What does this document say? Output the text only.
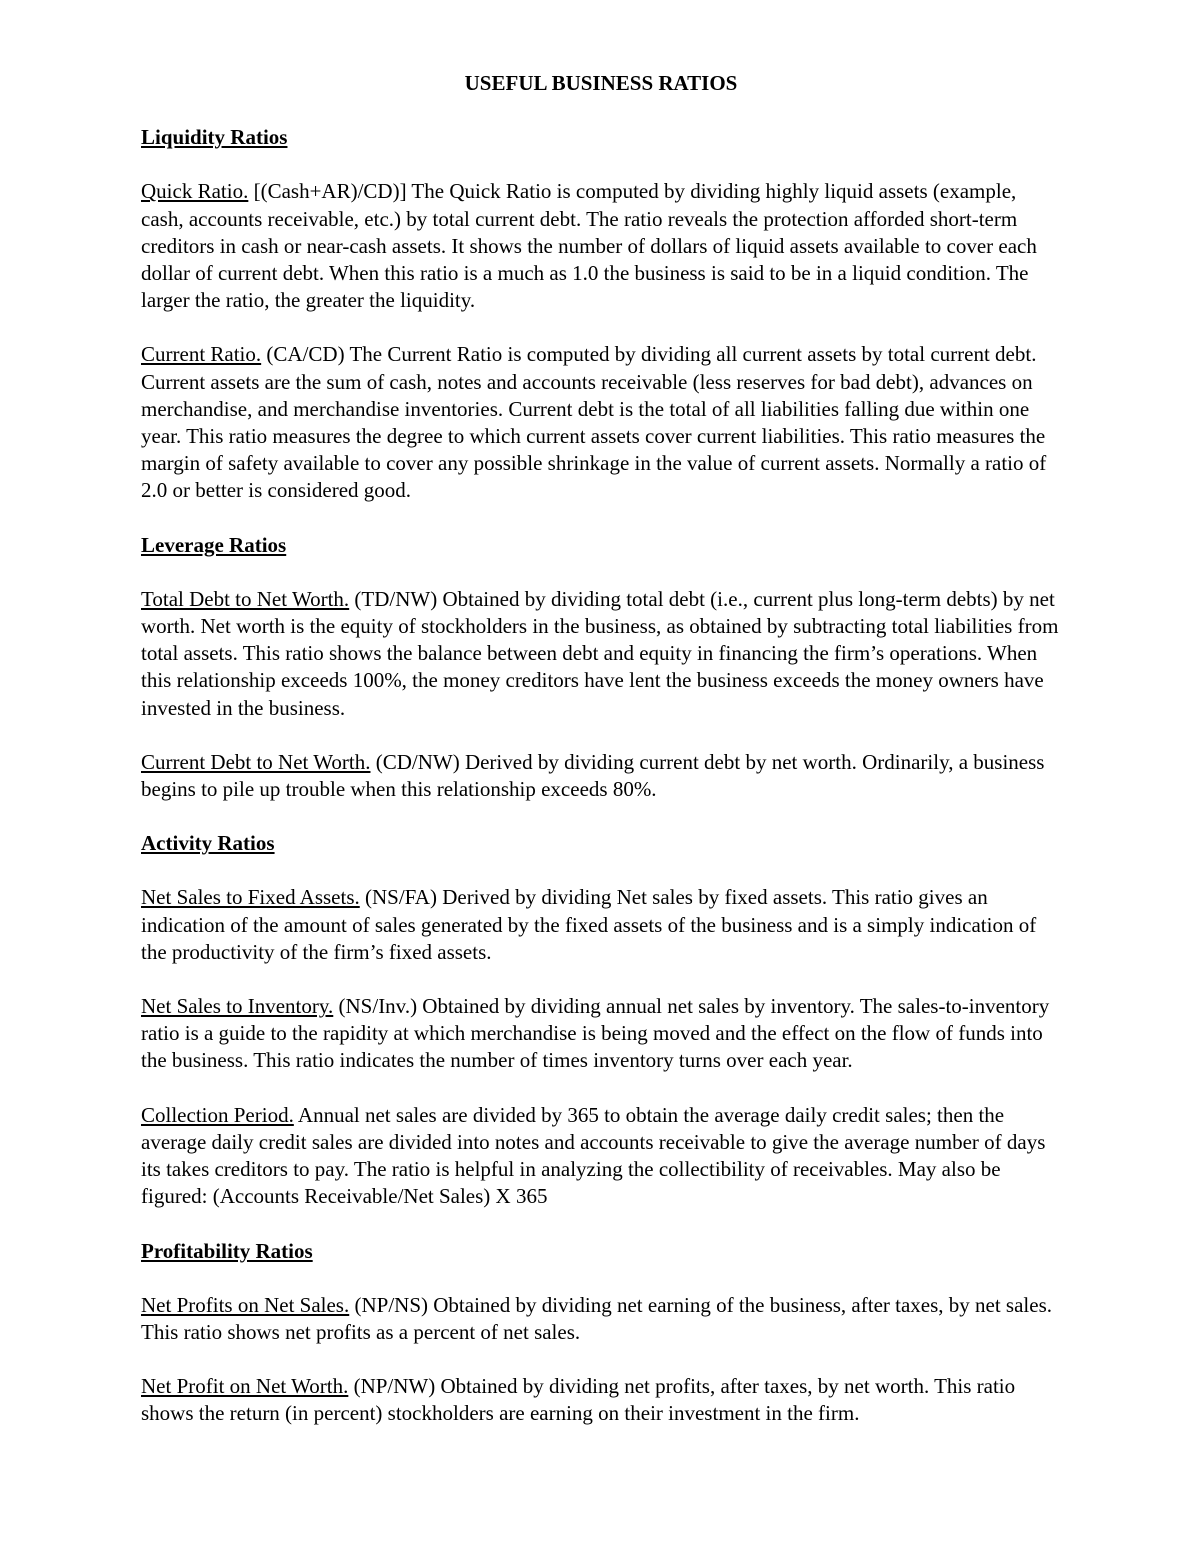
USEFUL BUSINESS RATIOS
Liquidity Ratios
Quick Ratio. [(Cash+AR)/CD)] The Quick Ratio is computed by dividing highly liquid assets (example, cash, accounts receivable, etc.) by total current debt. The ratio reveals the protection afforded short-term creditors in cash or near-cash assets. It shows the number of dollars of liquid assets available to cover each dollar of current debt. When this ratio is a much as 1.0 the business is said to be in a liquid condition. The larger the ratio, the greater the liquidity.
Current Ratio. (CA/CD) The Current Ratio is computed by dividing all current assets by total current debt. Current assets are the sum of cash, notes and accounts receivable (less reserves for bad debt), advances on merchandise, and merchandise inventories. Current debt is the total of all liabilities falling due within one year. This ratio measures the degree to which current assets cover current liabilities. This ratio measures the margin of safety available to cover any possible shrinkage in the value of current assets. Normally a ratio of 2.0 or better is considered good.
Leverage Ratios
Total Debt to Net Worth. (TD/NW) Obtained by dividing total debt (i.e., current plus long-term debts) by net worth. Net worth is the equity of stockholders in the business, as obtained by subtracting total liabilities from total assets. This ratio shows the balance between debt and equity in financing the firm’s operations. When this relationship exceeds 100%, the money creditors have lent the business exceeds the money owners have invested in the business.
Current Debt to Net Worth. (CD/NW) Derived by dividing current debt by net worth. Ordinarily, a business begins to pile up trouble when this relationship exceeds 80%.
Activity Ratios
Net Sales to Fixed Assets. (NS/FA) Derived by dividing Net sales by fixed assets. This ratio gives an indication of the amount of sales generated by the fixed assets of the business and is a simply indication of the productivity of the firm’s fixed assets.
Net Sales to Inventory. (NS/Inv.) Obtained by dividing annual net sales by inventory. The sales-to-inventory ratio is a guide to the rapidity at which merchandise is being moved and the effect on the flow of funds into the business. This ratio indicates the number of times inventory turns over each year.
Collection Period. Annual net sales are divided by 365 to obtain the average daily credit sales; then the average daily credit sales are divided into notes and accounts receivable to give the average number of days its takes creditors to pay. The ratio is helpful in analyzing the collectibility of receivables. May also be figured: (Accounts Receivable/Net Sales) X 365
Profitability Ratios
Net Profits on Net Sales. (NP/NS) Obtained by dividing net earning of the business, after taxes, by net sales. This ratio shows net profits as a percent of net sales.
Net Profit on Net Worth. (NP/NW) Obtained by dividing net profits, after taxes, by net worth. This ratio shows the return (in percent) stockholders are earning on their investment in the firm.
